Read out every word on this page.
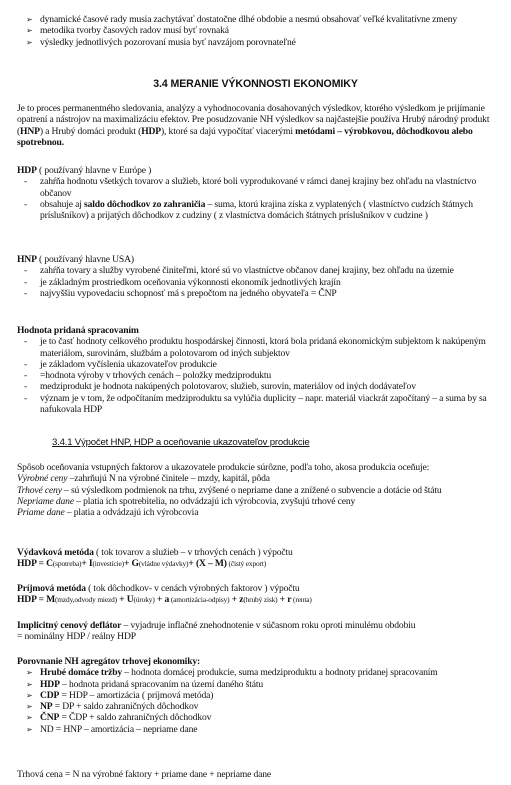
➢ dynamické časové rady musia zachytávať dostatočne dlhé obdobie a nesmú obsahovať veľké kvalitatívne zmeny
➢ metodika tvorby časových radov musí byť rovnaká
➢ výsledky jednotlivých pozorovaní musia byť navzájom porovnateľné
3.4 MERANIE VÝKONNOSTI EKONOMIKY
Je to proces permanentného sledovania, analýzy a vyhodnocovania dosahovaných výsledkov, ktorého výsledkom je prijímanie opatrení a nástrojov na maximalizáciu efektov. Pre posudzovanie NH výsledkov sa najčastejšie používa Hrubý národný produkt (HNP) a Hrubý domáci produkt (HDP), ktoré sa dajú vypočítať viacerými metódami – výrobkovou, dôchodkovou alebo spotrebnou.
HDP ( používaný hlavne v Európe )
- zahŕňa hodnotu všetkých tovarov a služieb, ktoré boli vyprodukované v rámci danej krajiny bez ohľadu na vlastníctvo občanov
- obsahuje aj saldo dôchodkov zo zahraničia – suma, ktorú krajina získa z vyplatených ( vlastníctvo cudzích štátnych príslušníkov) a prijatých dôchodkov z cudziny ( z vlastníctva domácich štátnych príslušníkov v cudzine )
HNP ( používaný hlavne USA)
- zahŕňa tovary a služby vyrobené činiteľmi, ktoré sú vo vlastníctve občanov danej krajiny, bez ohľadu na územie
- je základným prostriedkom oceňovania výkonnosti ekonomík jednotlivých krajín
- najvyššiu vypovedaciu schopnosť má s prepočtom na jedného obyvateľa = ČNP
Hodnota pridaná spracovaním
- je to časť hodnoty celkového produktu hospodárskej činnosti, ktorá bola pridaná ekonomickým subjektom k nakúpeným materiálom, surovinám, službám a polotovarom od iných subjektov
- je základom vyčíslenia ukazovateľov produkcie
- =hodnota výroby v trhových cenách – položky medziproduktu
- medziprodukt je hodnota nakúpených polotovarov, služieb, surovín, materiálov od iných dodávateľov
- význam je v tom, že odpočítaním medziproduktu sa vylúčia duplicity – napr. materiál viackrát započítaný – a suma by sa nafukovala HDP
3.4.1 Výpočet HNP, HDP a oceňovanie ukazovateľov produkcie
Spôsob oceňovania vstupných faktorov a ukazovatele produkcie súrôzne, podľa toho, akosa produkcia oceňuje:
Výrobné ceny –zahrňujú N na výrobné činitele – mzdy, kapitál, pôda
Trhové ceny – sú výsledkom podmienok na trhu, zvýšené o nepriame dane a znížené o subvencie a dotácie od štátu
Nepriame dane – platia ich spotrebitelia, no odvádzajú ich výrobcovia, zvyšujú trhové ceny
Priame dane – platia a odvádzajú ich výrobcovia
Výdavková metóda ( tok tovarov a služieb – v trhových cenách ) výpočtu
HDP = C(spotreba)+ I(investície)+ G(vládne výdavky)+ (X – M) (čistý export)
Príjmová metóda ( tok dôchodkov- v cenách výrobných faktorov ) výpočtu
HDP = M(mzdy,odvody miezd) + U(úroky) + a (amortizácia-odpisy) + z(hrubý zisk) + r (renta)
Implicitný cenový deflátor – vyjadruje inflačné znehodnotenie v súčasnom roku oproti minulému obdobiu
= nominálny HDP / reálny HDP
Porovnanie NH agregátov trhovej ekonomiky:
➢ Hrubé domáce tržby – hodnota domácej produkcie, suma medziproduktu a hodnoty pridanej spracovaním
➢ HDP – hodnota pridaná spracovaním na území daného štátu
➢ CDP = HDP – amortizácia ( príjmová metóda)
➢ NP = DP + saldo zahraničných dôchodkov
➢ ČNP = ČDP + saldo zahraničných dôchodkov
➢ ND = HNP – amortizácia – nepriame dane
Trhová cena = N na výrobné faktory + priame dane + nepriame dane
